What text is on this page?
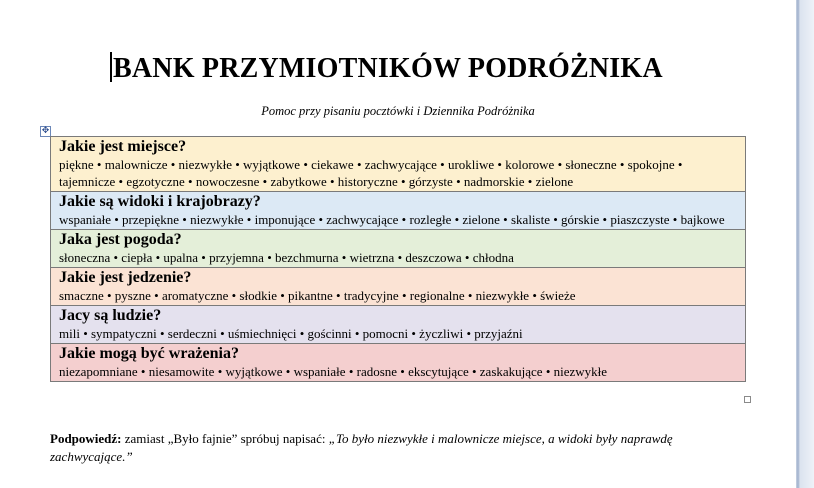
BANK PRZYMIOTNIKÓW PODRÓŻNIKA
Pomoc przy pisaniu pocztówki i Dziennika Podróżnika
✥
Jakie jest miejsce?
piękne • malownicze • niezwykłe • wyjątkowe • ciekawe • zachwycające • urokliwe • kolorowe • słoneczne • spokojne • tajemnicze • egzotyczne • nowoczesne • zabytkowe • historyczne • górzyste • nadmorskie • zielone

Jakie są widoki i krajobrazy?
wspaniałe • przepiękne • niezwykłe • imponujące • zachwycające • rozległe • zielone • skaliste • górskie • piaszczyste • bajkowe

Jaka jest pogoda?
słoneczna • ciepła • upalna • przyjemna • bezchmurna • wietrzna • deszczowa • chłodna

Jakie jest jedzenie?
smaczne • pyszne • aromatyczne • słodkie • pikantne • tradycyjne • regionalne • niezwykłe • świeże

Jacy są ludzie?
mili • sympatyczni • serdeczni • uśmiechnięci • gościnni • pomocni • życzliwi • przyjaźni

Jakie mogą być wrażenia?
niezapomniane • niesamowite • wyjątkowe • wspaniałe • radosne • ekscytujące • zaskakujące • niezwykłe
Podpowiedź: zamiast „Było fajnie” spróbuj napisać: „To było niezwykłe i malownicze miejsce, a widoki były naprawdę zachwycające.”
